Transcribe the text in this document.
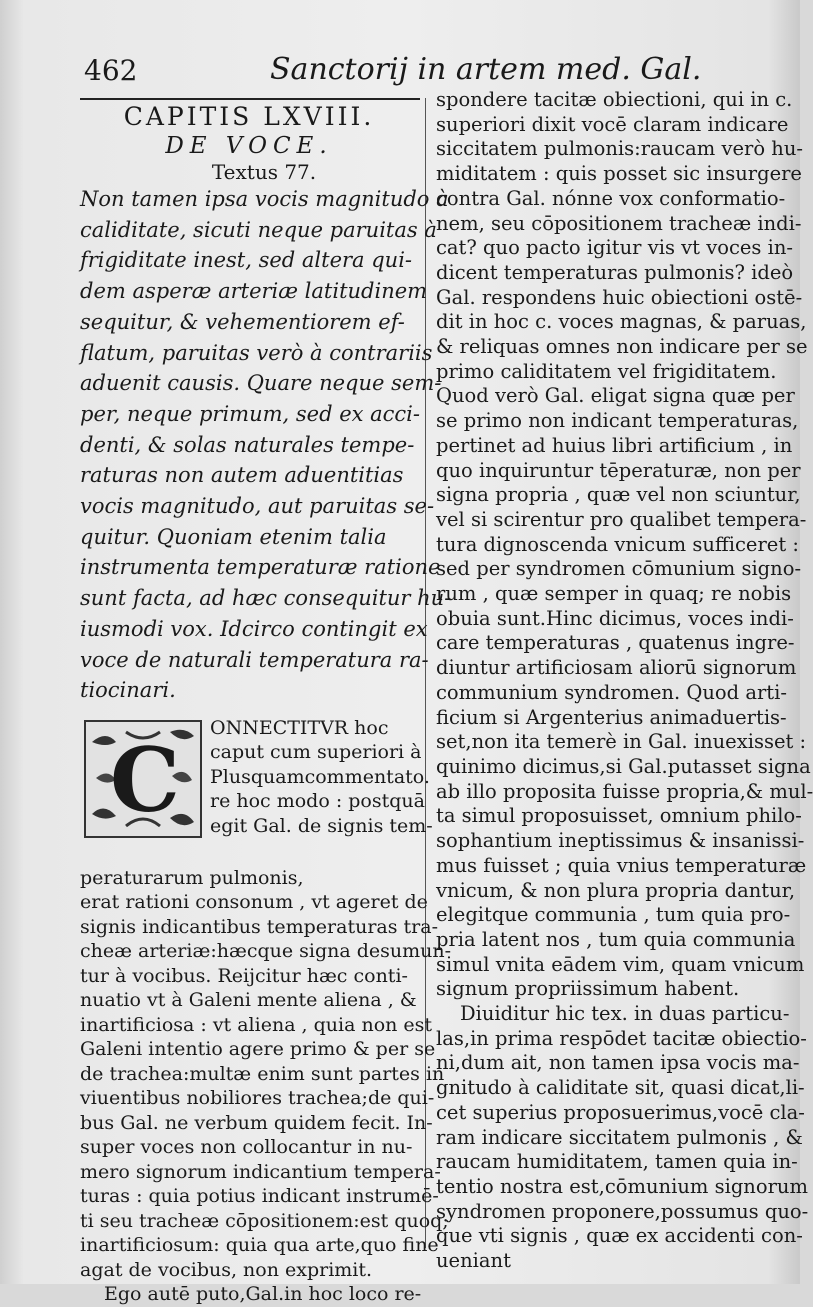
462	Sanctorij in artem med. Gal.
CAPITIS LXVIII.
DE VOCE.
Textus 77.
Non tamen ipsa vocis magnitudo à
caliditate, sicuti neque paruitas à
frigiditate inest, sed altera qui-
dem asperæ arteriæ latitudinem
sequitur, & vehementiorem ef-
flatum, paruitas verò à contrariis
aduenit causis. Quare neque sem-
per, neque primum, sed ex acci-
denti, & solas naturales tempe-
raturas non autem aduentitias
vocis magnitudo, aut paruitas se-
quitur. Quoniam etenim talia
instrumenta temperaturæ ratione
sunt facta, ad hæc consequitur hu-
iusmodi vox. Idcirco contingit ex
voce de naturali temperatura ra-
tiocinari.
C	ONNECTITVR hoc
caput cum superiori à
Plusquamcommentato.
re hoc modo : postquā
egit Gal. de signis tem-
peraturarum pulmonis,
erat rationi consonum , vt ageret de
signis indicantibus temperaturas tra-
cheæ arteriæ:hæcque signa desumun-
tur à vocibus. Reijcitur hæc conti-
nuatio vt à Galeni mente aliena , &
inartificiosa : vt aliena , quia non est
Galeni intentio agere primo & per se
de trachea:multæ enim sunt partes in
viuentibus nobiliores trachea;de qui-
bus Gal. ne verbum quidem fecit. In-
super voces non collocantur in nu-
mero signorum indicantium tempera-
turas : quia potius indicant instrumē-
ti seu tracheæ cōpositionem:est quoq;
inartificiosum: quia qua arte,quo fine
agat de vocibus, non exprimit.
Ego autē puto,Gal.in hoc loco re-
spondere tacitæ obiectioni, qui in c.
superiori dixit vocē claram indicare
siccitatem pulmonis:raucam verò hu-
miditatem : quis posset sic insurgere
contra Gal. nónne vox conformatio-
nem, seu cōpositionem tracheæ indi-
cat? quo pacto igitur vis vt voces in-
dicent temperaturas pulmonis? ideò
Gal. respondens huic obiectioni ostē-
dit in hoc c. voces magnas, & paruas,
& reliquas omnes non indicare per se
primo caliditatem vel frigiditatem.
Quod verò Gal. eligat signa quæ per
se primo non indicant temperaturas,
pertinet ad huius libri artificium , in
quo inquiruntur tēperaturæ, non per
signa propria , quæ vel non sciuntur,
vel si scirentur pro qualibet tempera-
tura dignoscenda vnicum sufficeret :
sed per syndromen cōmunium signo-
rum , quæ semper in quaq; re nobis
obuia sunt.Hinc dicimus, voces indi-
care temperaturas , quatenus ingre-
diuntur artificiosam aliorū signorum
communium syndromen. Quod arti-
ficium si Argenterius animaduertis-
set,non ita temerè in Gal. inuexisset :
quinimo dicimus,si Gal.putasset signa
ab illo proposita fuisse propria,& mul-
ta simul proposuisset, omnium philo-
sophantium ineptissimus & insanissi-
mus fuisset ; quia vnius temperaturæ
vnicum, & non plura propria dantur,
elegitque communia , tum quia pro-
pria latent nos , tum quia communia
simul vnita eādem vim, quam vnicum
signum propriissimum habent.
Diuiditur hic tex. in duas particu-
las,in prima respōdet tacitæ obiectio-
ni,dum ait, non tamen ipsa vocis ma-
gnitudo à caliditate sit, quasi dicat,li-
cet superius proposuerimus,vocē cla-
ram indicare siccitatem pulmonis , &
raucam humiditatem, tamen quia in-
tentio nostra est,cōmunium signorum
syndromen proponere,possumus quo-
que vti signis , quæ ex accidenti con-
ueniant
